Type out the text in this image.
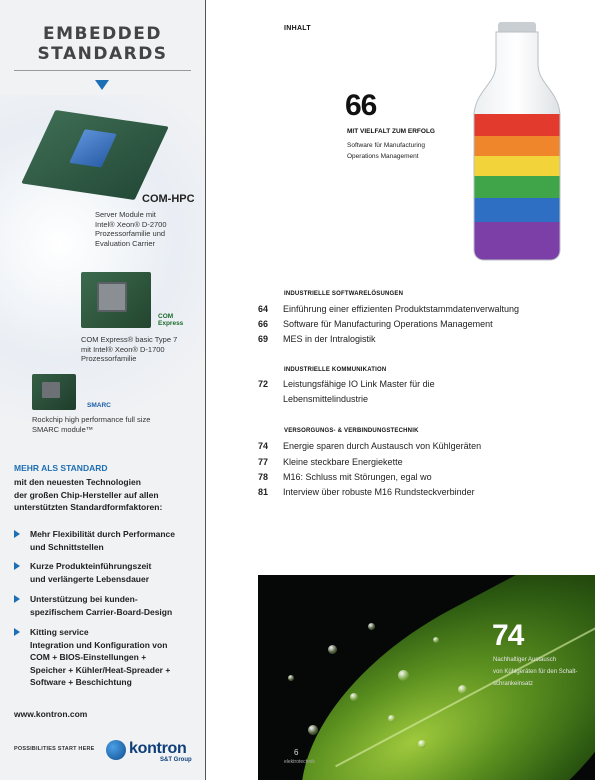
EMBEDDED
STANDARDS
COM-HPC
Server Module mit
Intel® Xeon® D-2700
Prozessorfamilie und
Evaluation Carrier
COM
Express
COM Express® basic Type 7
mit Intel® Xeon® D-1700
Prozessorfamilie
SMARC
Rockchip high performance full size
SMARC module™
MEHR ALS STANDARD
mit den neuesten Technologien
der großen Chip-Hersteller auf allen
unterstützten Standardformfaktoren:
Mehr Flexibilität durch Performance
und Schnittstellen
Kurze Produkteinführungszeit
und verlängerte Lebensdauer
Unterstützung bei kunden-
spezifischem Carrier-Board-Design
Kitting service
Integration und Konfiguration von
COM + BIOS-Einstellungen +
Speicher + Kühler/Heat-Spreader +
Software + Beschichtung
www.kontron.com
POSSIBILITIES START HERE kontron
S&T Group
INHALT
66
MIT VIELFALT ZUM ERFOLG
Software für Manufacturing
Operations Management
INDUSTRIELLE SOFTWARELÖSUNGEN
64	Einführung einer effizienten Produktstammdatenverwaltung
66	Software für Manufacturing Operations Management
69	MES in der Intralogistik
INDUSTRIELLE KOMMUNIKATION
72	Leistungsfähige IO Link Master für die
Lebensmittelindustrie
VERSORGUNGS- & VERBINDUNGSTECHNIK
74	Energie sparen durch Austausch von Kühlgeräten
77	Kleine steckbare Energiekette
78	M16: Schluss mit Störungen, egal wo
81	Interview über robuste M16 Rundsteckverbinder
74
Nachhaltiger Austausch
von Kühlgeräten für den Schalt-
schrankeinsatz
6
elektrotechnik
